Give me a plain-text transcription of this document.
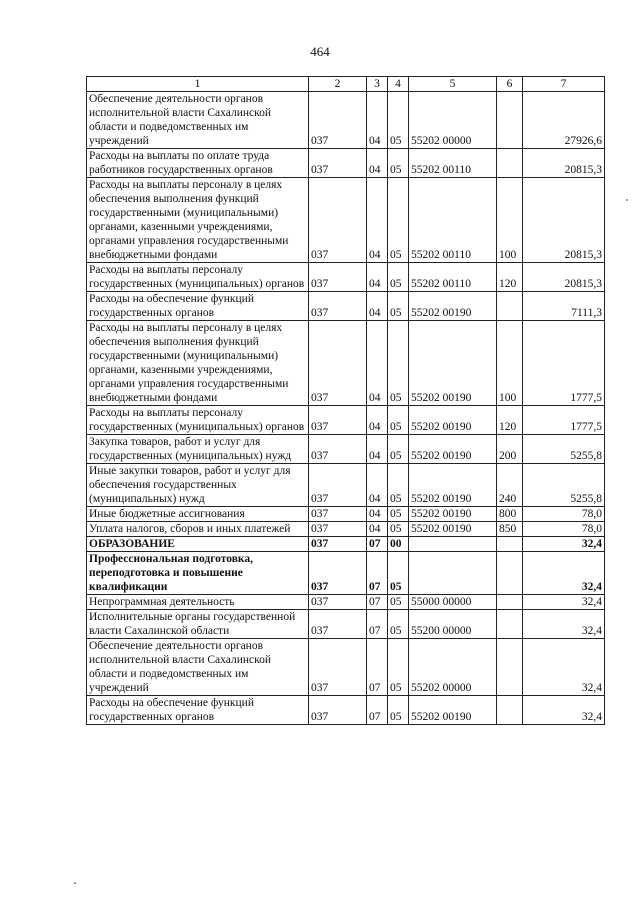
464
1	2	3	4	5	6	7
Обеспечение деятельности органов исполнительной власти Сахалинской области и подведомственных им учреждений	037	04	05	55202 00000		27926,6
Расходы на выплаты по оплате труда работников государственных органов	037	04	05	55202 00110		20815,3
Расходы на выплаты персоналу в целях обеспечения выполнения функций государственными (муниципальными) органами, казенными учреждениями, органами управления государственными внебюджетными фондами	037	04	05	55202 00110	100	20815,3
Расходы на выплаты персоналу государственных (муниципальных) органов	037	04	05	55202 00110	120	20815,3
Расходы на обеспечение функций государственных органов	037	04	05	55202 00190		7111,3
Расходы на выплаты персоналу в целях обеспечения выполнения функций государственными (муниципальными) органами, казенными учреждениями, органами управления государственными внебюджетными фондами	037	04	05	55202 00190	100	1777,5
Расходы на выплаты персоналу государственных (муниципальных) органов	037	04	05	55202 00190	120	1777,5
Закупка товаров, работ и услуг для государственных (муниципальных) нужд	037	04	05	55202 00190	200	5255,8
Иные закупки товаров, работ и услуг для обеспечения государственных (муниципальных) нужд	037	04	05	55202 00190	240	5255,8
Иные бюджетные ассигнования	037	04	05	55202 00190	800	78,0
Уплата налогов, сборов и иных платежей	037	04	05	55202 00190	850	78,0
ОБРАЗОВАНИЕ	037	07	00			32,4
Профессиональная подготовка, переподготовка и повышение квалификации	037	07	05			32,4
Непрограммная деятельность	037	07	05	55000 00000		32,4
Исполнительные органы государственной власти Сахалинской области	037	07	05	55200 00000		32,4
Обеспечение деятельности органов исполнительной власти Сахалинской области и подведомственных им учреждений	037	07	05	55202 00000		32,4
Расходы на обеспечение функций государственных органов	037	07	05	55202 00190		32,4
